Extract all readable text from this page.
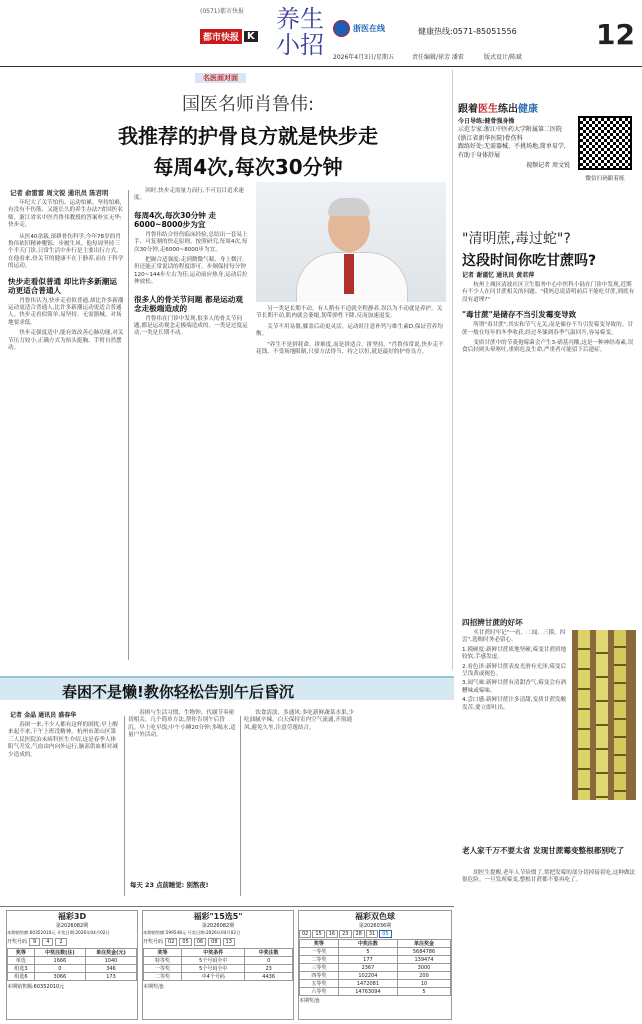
(0571)都市快报
都市快报 K
养生
小招
浙医在线	健康热线:0571-85051556
2026年4月3日/星期五	责任编辑/徐芳 潘雷	版式设计/陈斌
12
名医面对面
国医名师肖鲁伟:
我推荐的护骨良方就是快步走
每周4次,每次30分钟
记者 俞雷雷 周文锐 通讯员 陈君明
年纪大了关节怕伤、运动怕累、坚持怕难,有没有不伤筋、又能长久的养生办法?省国医名师、浙江省名中医肖鲁伟教授的答案朴实无华:快步走。
从医40余载,深耕骨伤科学,今年78岁的肖鲁伟依旧精神矍铄、步履生风。他每周坚持三个半天门诊,日常生活中步行是主要出行方式。在他看来,骨关节的健康不在于静养,而在于科学的运动。
快步走看似普通 却比许多新潮运动更适合普通人
肖鲁伟认为,快步走看似普通,却比许多新潮运动更适合普通人,比许多新潮运动更适合普通人。快步走看似简单,易坚持、无需器械、对场地要求低。
快步走强度适中,能有效改善心肺功能,对关节压力较小,正确方式为抬头挺胸、手臂自然摆动。
回时,快步走需量力而行,不可盲目追求速度。
每周4次,每次30分钟 走6000~8000步为宜
肖鲁伟结合骨伤临床经验,总结出一套易上手、可复制的快走原则。按照研究,每周4次,每次30分钟,走6000~8000步为宜。
把握合适强度:走到微微气喘、身上微汗,但还能正常说话的程度即可。步频保持每分钟120~144步左右为佳,运动前应热身,运动后拉伸放松。
很多人的骨关节问题 都是运动观念走极端造成的
肖鲁伟在门诊中发现,很多人的骨关节问题,都是运动观念走极端造成的。一类是过度运动,一类是长期不动。
另一类是长期不动。有人稍有不适就全程静养,误以为不动就是养护。关节长期不动,肌肉就会萎缩,韧带弹性下降,反而加速退变。
关节不用易僵,膝盖后动更灵活。运动时注意补钙与维生素D,保证营养均衡。
"养生不是拼耗命、拼难度,而是拼适合、拼坚持。"肖鲁伟常说,快步走不花钱、不受场地限制,只要方法得当、持之以恒,就是最好的护骨良方。
跟着医生练出健康
今日导练:健骨强身操
示范专家:浙江中医药大学附属第二医院(浙江省新华医院)骨伤科
跟练好处:无需器械、不挑场地,简单易学,有助于身体舒展
视频记者 周文锐
微信扫码跟着练
"清明蔗,毒过蛇"?
这段时间你吃甘蔗吗?
记者 谢谨忆 通讯员 黄君萍
杭州上城区清波社区卫生服务中心中医科小陆在门诊中发现,近期有不少人在问甘蔗相关的问题。"我妈总说清明前后不能吃甘蔗,到底有没有道理?"
"毒甘蔗"是储存不当引发霉变导致
所谓"毒甘蔗",其实和节气无关,而是储存不当引发霉变导致的。甘蔗一般在每年的冬季收获,经过冬储到春季气温回升,容易霉变。
变质甘蔗中的节菱孢霉菌会产生3-硝基丙酸,这是一种神经毒素,误食后轻则头晕呕吐,重则危及生命,严重者可能留下后遗症。
四招辨甘蔗的好坏
买甘蔗时牢记"一看、二闻、三摸、四尝",选购时务必留心。
1.摸硬度:新鲜甘蔗质地坚硬,霉变甘蔗质地较软,手感发虚。
2.看色泽:新鲜甘蔗表皮光滑有光泽,霉变后呈浅黄或褐色。
3.闻气味:新鲜甘蔗有清甜香气,霉变会有酒糟味或霉味。
4.尝口感:新鲜甘蔗汁多清甜,变质甘蔗发酸发苦,要立即吐出。
老人家千万不要太省 发现甘蔗霉变整根都别吃了
胡医生提醒,老年人节俭惯了,常把发霉的部分切掉接着吃,这种做法很危险。一旦发现霉变,整根甘蔗都不要再吃了。
春困不是懒!教你轻松告别午后昏沉
记者 金晶 通讯员 盛春华
春困一来,不少人都有这样的困扰:早上醒来起不来,下午上班没精神。杭州市萧山区第三人民医院治未病科医生介绍,这是春季人体阳气升发,气血由内向外运行,脑部供血相对减少造成的。
春困与生活习惯、生物钟、代谢节奏密切相关。几个简单方法,帮你告别午后昏沉。早上吃早饭;中午小睡20分钟;多喝水,适量户外活动。
饮食清淡、多通风:多吃新鲜蔬菜水果,少吃油腻辛辣。白天保持室内空气流通,开窗通风,避免久坐,注意劳逸结合。
每天 23 点前睡觉: 别熬夜!
福彩3D
第2026082期
本期销售额:60352010元 开奖日期:2026年04月02日
开奖号码	9	4	2
奖等	中奖注数(注)	单注奖金(元)
单选	1666	1040
组选3	0	346
组选6	3066	173
本期销售额:60352010元
福彩"15选5"
第2026082期
本期销售额:599548元 开奖日期:2026年04月02日
开奖号码	02	05	06	08	13
奖等	中奖条件	中奖注数
特等奖	5个号码全中	0
一等奖	5个号码全中	23
二等奖	中4个号码	4436
本期奖池:
福彩双色球
第2026036期
02	15	16	23	28	31	05
奖等	中奖注数	单注奖金
一等奖	5	5684786
二等奖	177	139474
三等奖	2367	3000
四等奖	102204	200
五等奖	1472081	10
六等奖	14763094	5
本期奖池:
